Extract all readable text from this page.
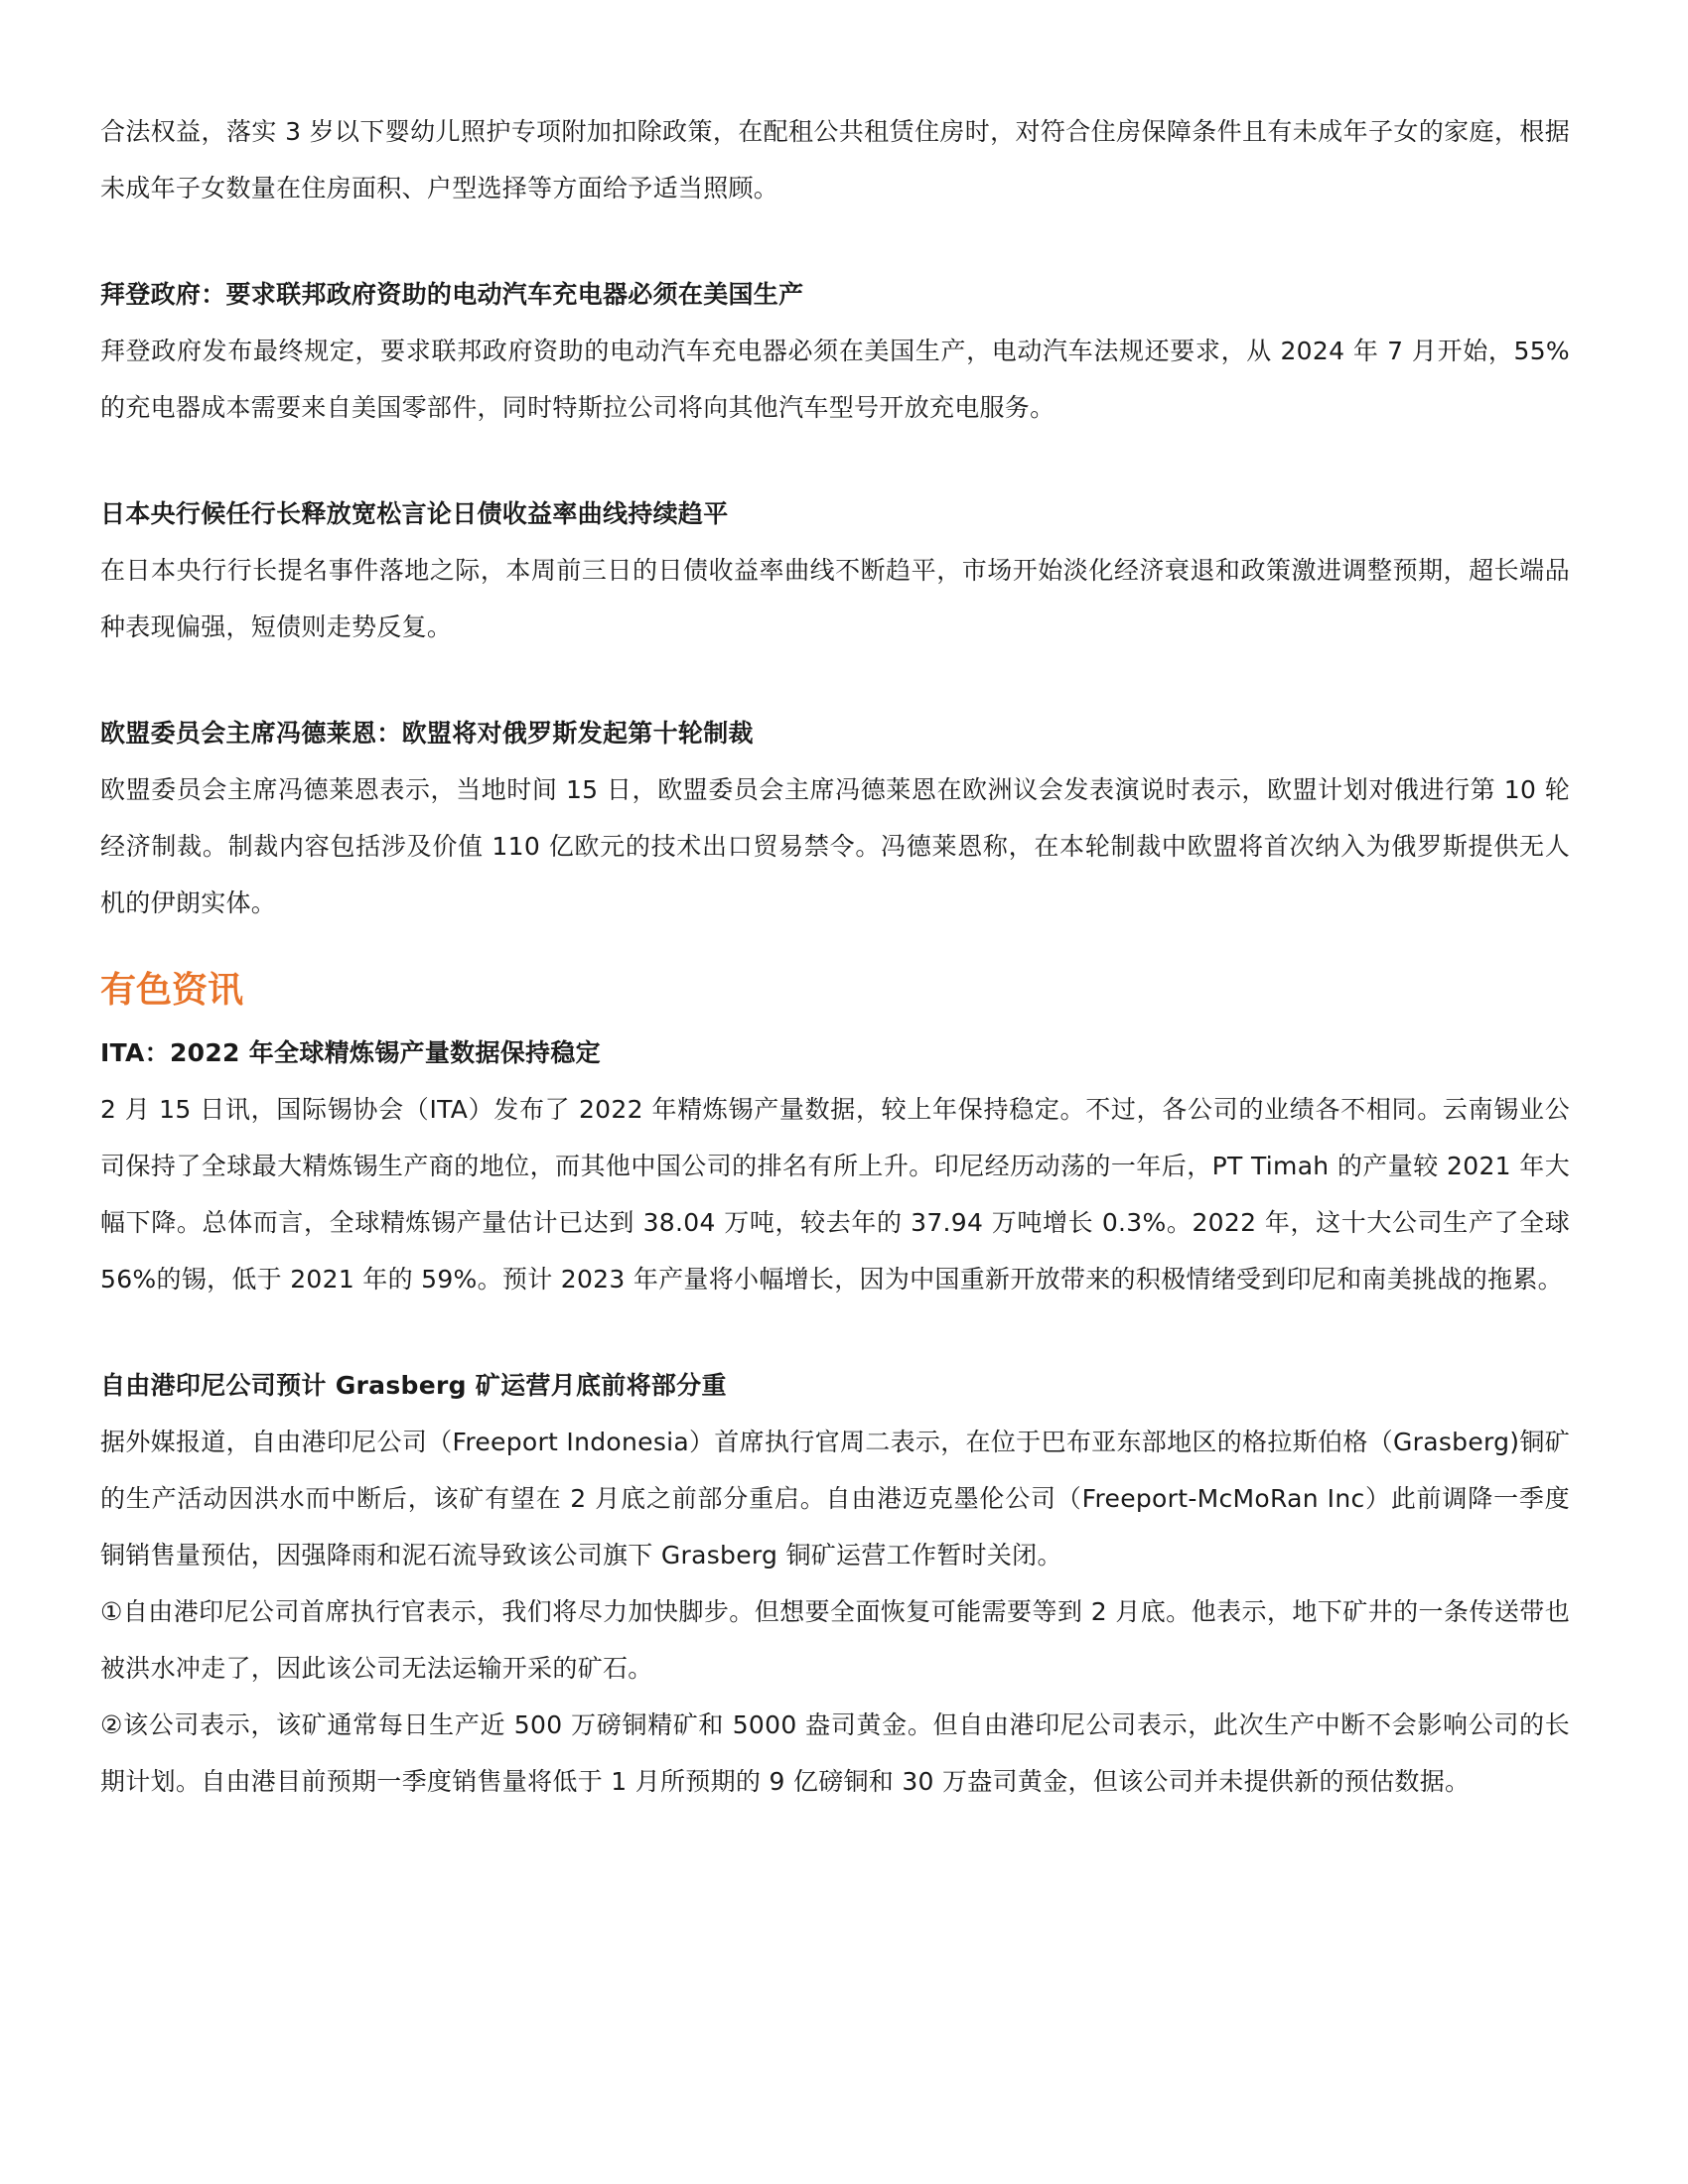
合法权益，落实 3 岁以下婴幼儿照护专项附加扣除政策，在配租公共租赁住房时，对符合住房保障条件且有未成年子女的家庭，根据未成年子女数量在住房面积、户型选择等方面给予适当照顾。

拜登政府：要求联邦政府资助的电动汽车充电器必须在美国生产

拜登政府发布最终规定，要求联邦政府资助的电动汽车充电器必须在美国生产，电动汽车法规还要求，从 2024 年 7 月开始，55%的充电器成本需要来自美国零部件，同时特斯拉公司将向其他汽车型号开放充电服务。

日本央行候任行长释放宽松言论日债收益率曲线持续趋平

在日本央行行长提名事件落地之际，本周前三日的日债收益率曲线不断趋平，市场开始淡化经济衰退和政策激进调整预期，超长端品种表现偏强，短债则走势反复。

欧盟委员会主席冯德莱恩：欧盟将对俄罗斯发起第十轮制裁

欧盟委员会主席冯德莱恩表示，当地时间 15 日，欧盟委员会主席冯德莱恩在欧洲议会发表演说时表示，欧盟计划对俄进行第 10 轮经济制裁。制裁内容包括涉及价值 110 亿欧元的技术出口贸易禁令。冯德莱恩称，在本轮制裁中欧盟将首次纳入为俄罗斯提供无人机的伊朗实体。

有色资讯
ITA：2022 年全球精炼锡产量数据保持稳定

2 月 15 日讯，国际锡协会（ITA）发布了 2022 年精炼锡产量数据，较上年保持稳定。不过，各公司的业绩各不相同。云南锡业公司保持了全球最大精炼锡生产商的地位，而其他中国公司的排名有所上升。印尼经历动荡的一年后，PT Timah 的产量较 2021 年大幅下降。总体而言，全球精炼锡产量估计已达到 38.04 万吨，较去年的 37.94 万吨增长 0.3%。2022 年，这十大公司生产了全球 56%的锡，低于 2021 年的 59%。预计 2023 年产量将小幅增长，因为中国重新开放带来的积极情绪受到印尼和南美挑战的拖累。

自由港印尼公司预计 Grasberg 矿运营月底前将部分重

据外媒报道，自由港印尼公司（Freeport Indonesia）首席执行官周二表示，在位于巴布亚东部地区的格拉斯伯格（Grasberg)铜矿的生产活动因洪水而中断后，该矿有望在 2 月底之前部分重启。自由港迈克墨伦公司（Freeport-McMoRan Inc）此前调降一季度铜销售量预估，因强降雨和泥石流导致该公司旗下 Grasberg 铜矿运营工作暂时关闭。

①自由港印尼公司首席执行官表示，我们将尽力加快脚步。但想要全面恢复可能需要等到 2 月底。他表示，地下矿井的一条传送带也被洪水冲走了，因此该公司无法运输开采的矿石。

②该公司表示，该矿通常每日生产近 500 万磅铜精矿和 5000 盎司黄金。但自由港印尼公司表示，此次生产中断不会影响公司的长期计划。自由港目前预期一季度销售量将低于 1 月所预期的 9 亿磅铜和 30 万盎司黄金，但该公司并未提供新的预估数据。
